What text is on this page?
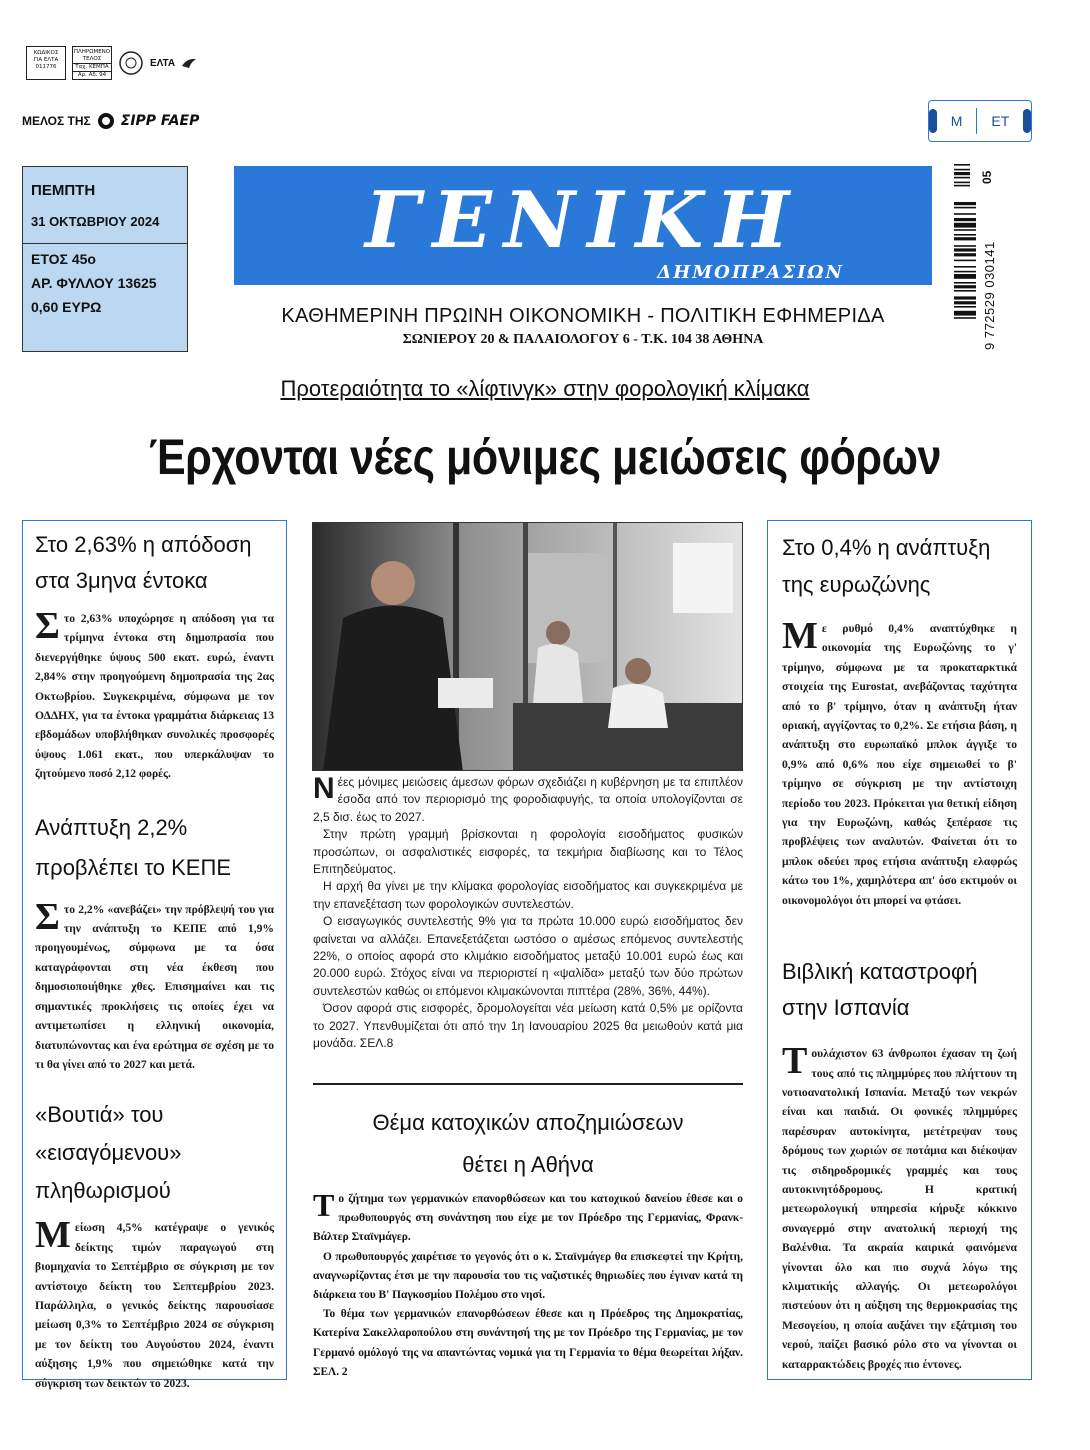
ΚΩΔΙΚΟΣ
ΓΙΑ ΕΛΤΑ
011776
ΠΛΗΡΩΜΕΝΟ ΤΕΛΟΣ
Ταχ. ΚΕΜΠΑ
Αρ. Αδ. 94
ΕΛΤΑ
ΜΕΛΟΣ ΤΗΣ ΣΙΡΡ FAEP	Μ ΕΤ
ΠΕΜΠΤΗ
31 ΟΚΤΩΒΡΙΟΥ 2024
ΕΤΟΣ 45ο
ΑΡ. ΦΥΛΛΟΥ 13625
0,60 ΕΥΡΩ
ΓΕΝΙΚΗ
ΔΗΜΟΠΡΑΣΙΩΝ
ΚΑΘΗΜΕΡΙΝΗ ΠΡΩΙΝΗ ΟΙΚΟΝΟΜΙΚΗ - ΠΟΛΙΤΙΚΗ ΕΦΗΜΕΡΙΔΑ
ΣΩΝΙΕΡΟΥ 20 & ΠΑΛΑΙΟΛΟΓΟΥ 6 - Τ.Κ. 104 38 ΑΘΗΝΑ
05
9 772529 030141
Προτεραιότητα το «λίφτινγκ» στην φορολογική κλίμακα
Έρχονται νέες μόνιμες μειώσεις φόρων
Στο 2,63% η απόδοση στα 3μηνα έντοκα
Στο 2,63% υποχώρησε η απόδοση για τα τρίμηνα έντοκα στη δημοπρασία που διενεργήθηκε ύψους 500 εκατ. ευρώ, έναντι 2,84% στην προηγούμενη δημοπρασία της 2ας Οκτωβρίου. Συγκεκριμένα, σύμφωνα με τον ΟΔΔΗΧ, για τα έντοκα γραμμάτια διάρκειας 13 εβδομάδων υποβλήθηκαν συνολικές προσφορές ύψους 1.061 εκατ., που υπερκάλυψαν το ζητούμενο ποσό 2,12 φορές.
Ανάπτυξη 2,2% προβλέπει το ΚΕΠΕ
Στο 2,2% «ανεβάζει» την πρόβλεψή του για την ανάπτυξη το ΚΕΠΕ από 1,9% προηγουμένως, σύμφωνα με τα όσα καταγράφονται στη νέα έκθεση που δημοσιοποιήθηκε χθες. Επισημαίνει και τις σημαντικές προκλήσεις τις οποίες έχει να αντιμετωπίσει η ελληνική οικονομία, διατυπώνοντας και ένα ερώτημα σε σχέση με το τι θα γίνει από το 2027 και μετά.
«Βουτιά» του «εισαγόμενου» πληθωρισμού
Μείωση 4,5% κατέγραψε ο γενικός δείκτης τιμών παραγωγού στη βιομηχανία το Σεπτέμβριο σε σύγκριση με τον αντίστοιχο δείκτη του Σεπτεμβρίου 2023. Παράλληλα, ο γενικός δείκτης παρουσίασε μείωση 0,3% το Σεπτέμβριο 2024 σε σύγκριση με τον δείκτη του Αυγούστου 2024, έναντι αύξησης 1,9% που σημειώθηκε κατά την σύγκριση των δεικτών το 2023.

Νέες μόνιμες μειώσεις άμεσων φόρων σχεδιάζει η κυβέρνηση με τα επιπλέον έσοδα από τον περιορισμό της φοροδιαφυγής, τα οποία υπολογίζονται σε 2,5 δισ. έως το 2027.

Στην πρώτη γραμμή βρίσκονται η φορολογία εισοδήματος φυσικών προσώπων, οι ασφαλιστικές εισφορές, τα τεκμήρια διαβίωσης και το Τέλος Επιτηδεύματος.

Η αρχή θα γίνει με την κλίμακα φορολογίας εισοδήματος και συγκεκριμένα με την επανεξέταση των φορολογικών συντελεστών.

Ο εισαγωγικός συντελεστής 9% για τα πρώτα 10.000 ευρώ εισοδήματος δεν φαίνεται να αλλάζει. Επανεξετάζεται ωστόσο ο αμέσως επόμενος συντελεστής 22%, ο οποίος αφορά στο κλιμάκιο εισοδήματος μεταξύ 10.001 ευρώ έως και 20.000 ευρώ. Στόχος είναι να περιοριστεί η «ψαλίδα» μεταξύ των δύο πρώτων συντελεστών καθώς οι επόμενοι κλιμακώνονται πιπτέρα (28%, 36%, 44%).

Όσον αφορά στις εισφορές, δρομολογείται νέα μείωση κατά 0,5% με ορίζοντα το 2027. Υπενθυμίζεται ότι από την 1η Ιανουαρίου 2025 θα μειωθούν κατά μια μονάδα. ΣΕΛ.8

Θέμα κατοχικών αποζημιώσεων
θέτει η Αθήνα

Το ζήτημα των γερμανικών επανορθώσεων και του κατοχικού δανείου έθεσε και ο πρωθυπουργός στη συνάντηση που είχε με τον Πρόεδρο της Γερμανίας, Φρανκ-Βάλτερ Σταϊνμάγερ.

Ο πρωθυπουργός χαιρέτισε το γεγονός ότι ο κ. Σταϊνμάγερ θα επισκεφτεί την Κρήτη, αναγνωρίζοντας έτσι με την παρουσία του τις ναζιστικές θηριωδίες που έγιναν κατά τη διάρκεια του Β' Παγκοσμίου Πολέμου στο νησί.

Το θέμα των γερμανικών επανορθώσεων έθεσε και η Πρόεδρος της Δημοκρατίας, Κατερίνα Σακελλαροπούλου στη συνάντησή της με τον Πρόεδρο της Γερμανίας, με τον Γερμανό ομόλογό της να απαντώντας νομικά για τη Γερμανία το θέμα θεωρείται λήξαν. ΣΕΛ. 2

Στο 0,4% η ανάπτυξη της ευρωζώνης
Με ρυθμό 0,4% αναπτύχθηκε η οικονομία της Ευρωζώνης το γ' τρίμηνο, σύμφωνα με τα προκαταρκτικά στοιχεία της Eurostat, ανεβάζοντας ταχύτητα από το β' τρίμηνο, όταν η ανάπτυξη ήταν οριακή, αγγίζοντας το 0,2%. Σε ετήσια βάση, η ανάπτυξη στο ευρωπαϊκό μπλοκ άγγιξε το 0,9% από 0,6% που είχε σημειωθεί το β' τρίμηνο σε σύγκριση με την αντίστοιχη περίοδο του 2023. Πρόκειται για θετική είδηση για την Ευρωζώνη, καθώς ξεπέρασε τις προβλέψεις των αναλυτών. Φαίνεται ότι το μπλοκ οδεύει προς ετήσια ανάπτυξη ελαφρώς κάτω του 1%, χαμηλότερα απ' όσο εκτιμούν οι οικονομολόγοι ότι μπορεί να φτάσει.
Βιβλική καταστροφή στην Ισπανία
Τουλάχιστον 63 άνθρωποι έχασαν τη ζωή τους από τις πλημμύρες που πλήττουν τη νοτιοανατολική Ισπανία. Μεταξύ των νεκρών είναι και παιδιά. Οι φονικές πλημμύρες παρέσυραν αυτοκίνητα, μετέτρεψαν τους δρόμους των χωριών σε ποτάμια και διέκοψαν τις σιδηροδρομικές γραμμές και τους αυτοκινητόδρομους. Η κρατική μετεωρολογική υπηρεσία κήρυξε κόκκινο συναγερμό στην ανατολική περιοχή της Βαλένθια. Τα ακραία καιρικά φαινόμενα γίνονται όλο και πιο συχνά λόγω της κλιματικής αλλαγής. Οι μετεωρολόγοι πιστεύουν ότι η αύξηση της θερμοκρασίας της Μεσογείου, η οποία αυξάνει την εξάτμιση του νερού, παίζει βασικό ρόλο στο να γίνονται οι καταρρακτώδεις βροχές πιο έντονες.
